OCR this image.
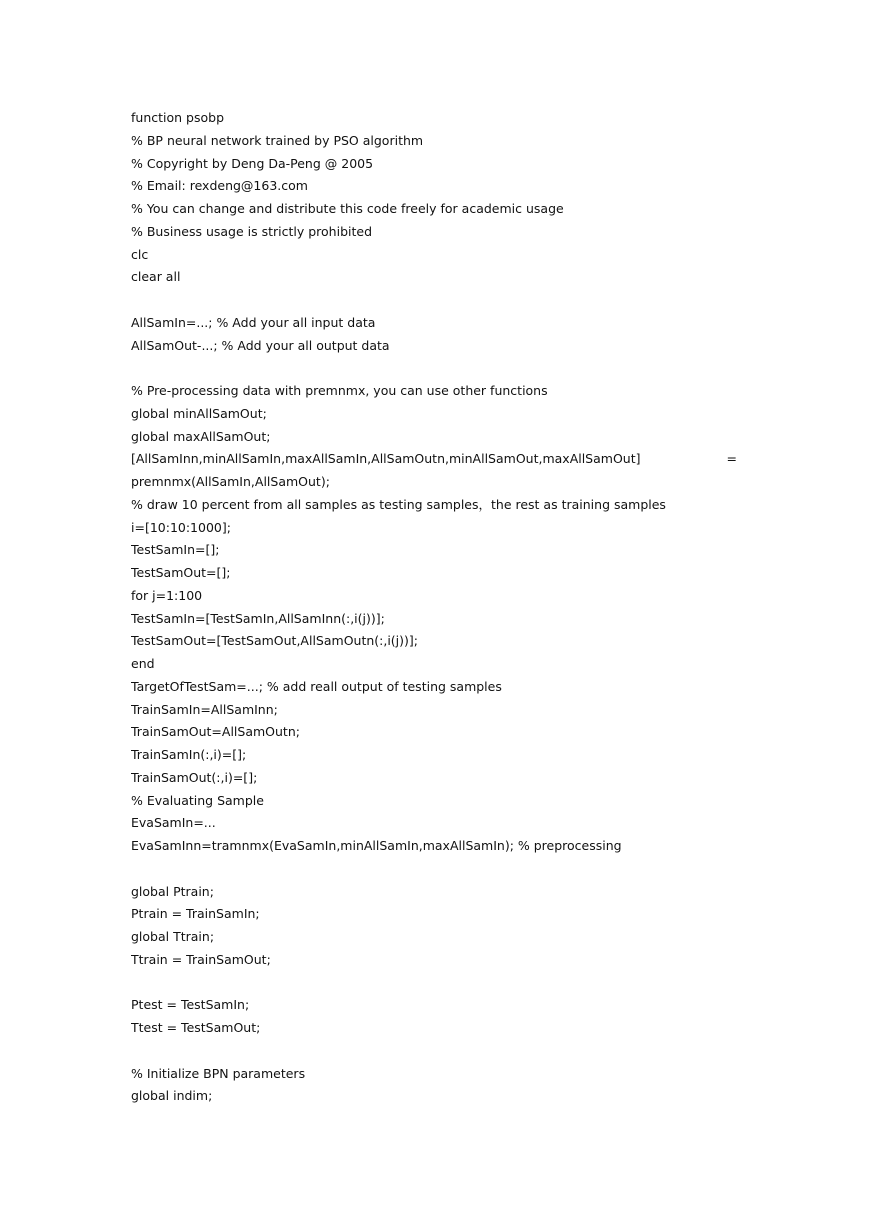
function psobp
% BP neural network trained by PSO algorithm
% Copyright by Deng Da-Peng @ 2005
% Email: rexdeng@163.com
% You can change and distribute this code freely for academic usage
% Business usage is strictly prohibited
clc
clear all
AllSamIn=...; % Add your all input data
AllSamOut-...; % Add your all output data
% Pre-processing data with premnmx, you can use other functions
global minAllSamOut;
global maxAllSamOut;
[AllSamInn,minAllSamIn,maxAllSamIn,AllSamOutn,minAllSamOut,maxAllSamOut]	=
premnmx(AllSamIn,AllSamOut);
% draw 10 percent from all samples as testing samples，the rest as training samples
i=[10:10:1000];
TestSamIn=[];
TestSamOut=[];
for j=1:100
TestSamIn=[TestSamIn,AllSamInn(:,i(j))];
TestSamOut=[TestSamOut,AllSamOutn(:,i(j))];
end
TargetOfTestSam=...; % add reall output of testing samples
TrainSamIn=AllSamInn;
TrainSamOut=AllSamOutn;
TrainSamIn(:,i)=[];
TrainSamOut(:,i)=[];
% Evaluating Sample
EvaSamIn=...
EvaSamInn=tramnmx(EvaSamIn,minAllSamIn,maxAllSamIn); % preprocessing
global Ptrain;
Ptrain = TrainSamIn;
global Ttrain;
Ttrain = TrainSamOut;
Ptest = TestSamIn;
Ttest = TestSamOut;
% Initialize BPN parameters
global indim;
